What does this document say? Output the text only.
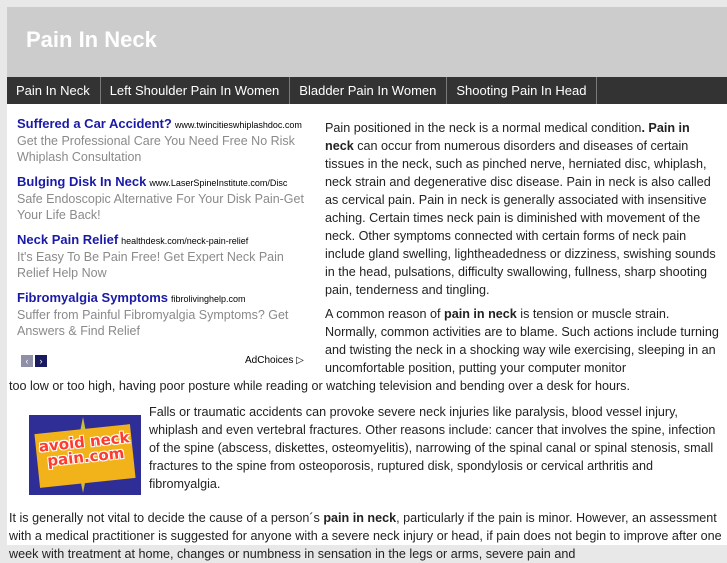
Pain In Neck
Pain In Neck	Left Shoulder Pain In Women	Bladder Pain In Women	Shooting Pain In Head
Suffered a Car Accident? www.twincitieswhiplashdoc.com
Get the Professional Care You Need Free No Risk Whiplash Consultation
Bulging Disk In Neck www.LaserSpineInstitute.com/Disc
Safe Endoscopic Alternative For Your Disk Pain-Get Your Life Back!
Neck Pain Relief healthdesk.com/neck-pain-relief
It's Easy To Be Pain Free! Get Expert Neck Pain Relief Help Now
Fibromyalgia Symptoms fibrolivinghelp.com
Suffer from Painful Fibromyalgia Symptoms? Get Answers & Find Relief
‹	›	AdChoices ▷
Pain positioned in the neck is a normal medical condition. Pain in neck can occur from numerous disorders and diseases of certain tissues in the neck, such as pinched nerve, herniated disc, whiplash, neck strain and degenerative disc disease. Pain in neck is also called as cervical pain. Pain in neck is generally associated with insensitive aching. Certain times neck pain is diminished with movement of the neck. Other symptoms connected with certain forms of neck pain include gland swelling, lightheadedness or dizziness, swishing sounds in the head, pulsations, difficulty swallowing, fullness, sharp shooting pain, tenderness and tingling.
A common reason of pain in neck is tension or muscle strain. Normally, common activities are to blame. Such actions include turning and twisting the neck in a shocking way wile exercising, sleeping in an uncomfortable position, putting your computer monitor
too low or too high, having poor posture while reading or watching television and bending over a desk for hours.
avoid neck pain.com
Falls or traumatic accidents can provoke severe neck injuries like paralysis, blood vessel injury, whiplash and even vertebral fractures. Other reasons include: cancer that involves the spine, infection of the spine (abscess, diskettes, osteomyelitis), narrowing of the spinal canal or spinal stenosis, small fractures to the spine from osteoporosis, ruptured disk, spondylosis or cervical arthritis and fibromyalgia.
It is generally not vital to decide the cause of a person´s pain in neck, particularly if the pain is minor. However, an assessment with a medical practitioner is suggested for anyone with a severe neck injury or head, if pain does not begin to improve after one week with treatment at home, changes or numbness in sensation in the legs or arms, severe pain and
